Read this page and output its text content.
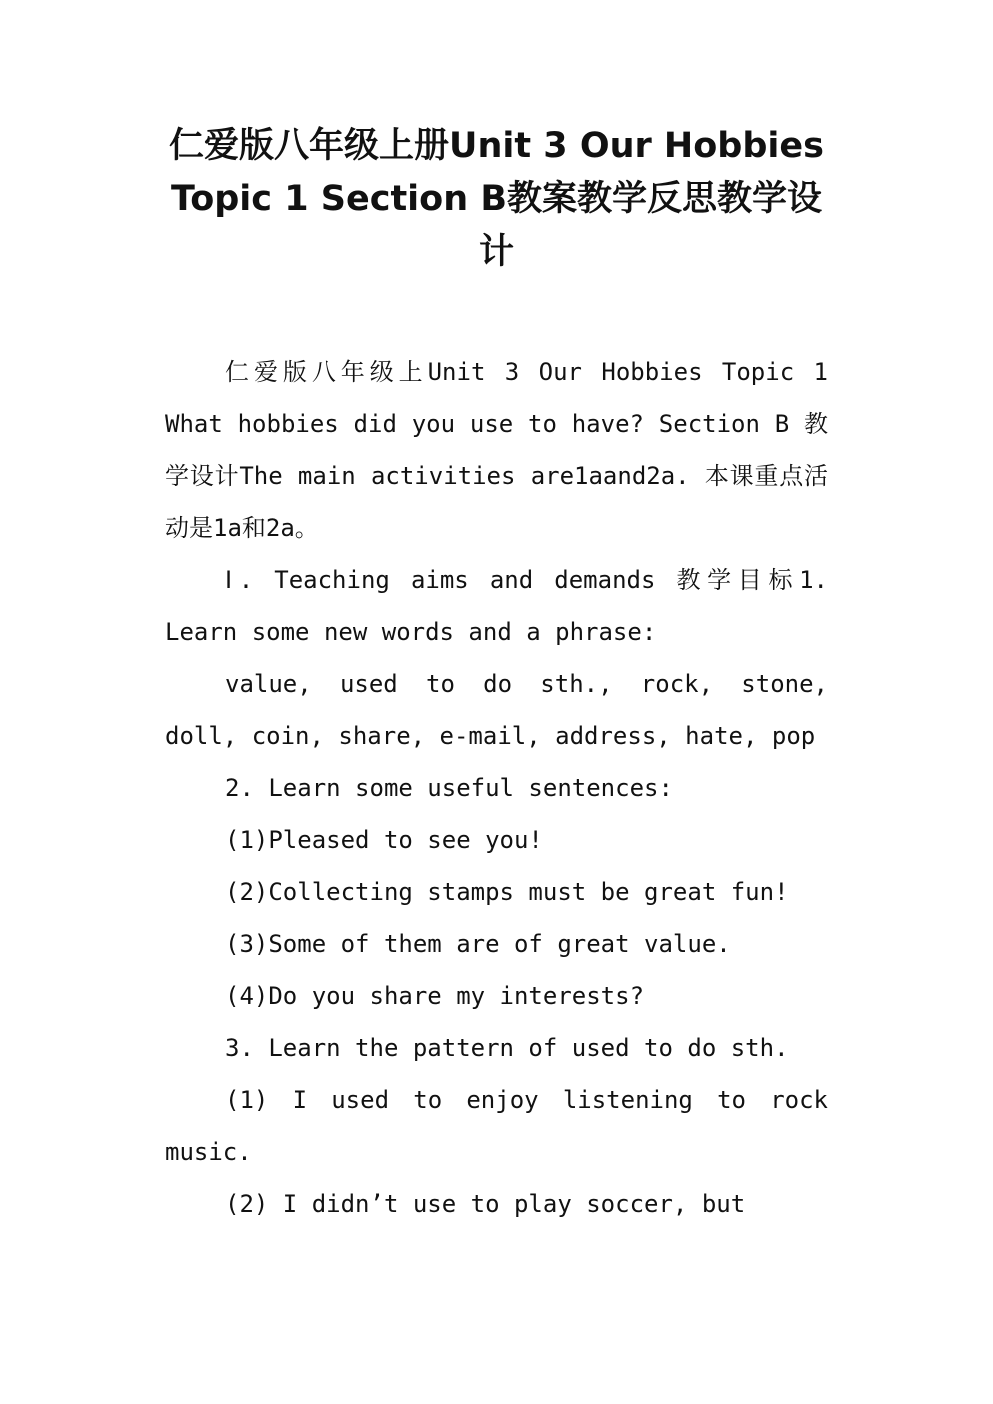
仁爱版八年级上册Unit 3 Our Hobbies Topic 1 Section B教案教学反思教学设计

仁爱版八年级上Unit 3 Our Hobbies Topic 1 What hobbies did you use to have? Section B 教学设计The main activities are1aand2a. 本课重点活动是1a和2a。

Ⅰ. Teaching aims and demands 教学目标1. Learn some new words and a phrase:

value, used to do sth., rock, stone, doll, coin, share, e-mail, address, hate, pop

2. Learn some useful sentences:

(1)Pleased to see you!

(2)Collecting stamps must be great fun!

(3)Some of them are of great value.

(4)Do you share my interests?

3. Learn the pattern of used to do sth.

(1) I used to enjoy listening to rock music.

(2) I didn’t use to play soccer, but
